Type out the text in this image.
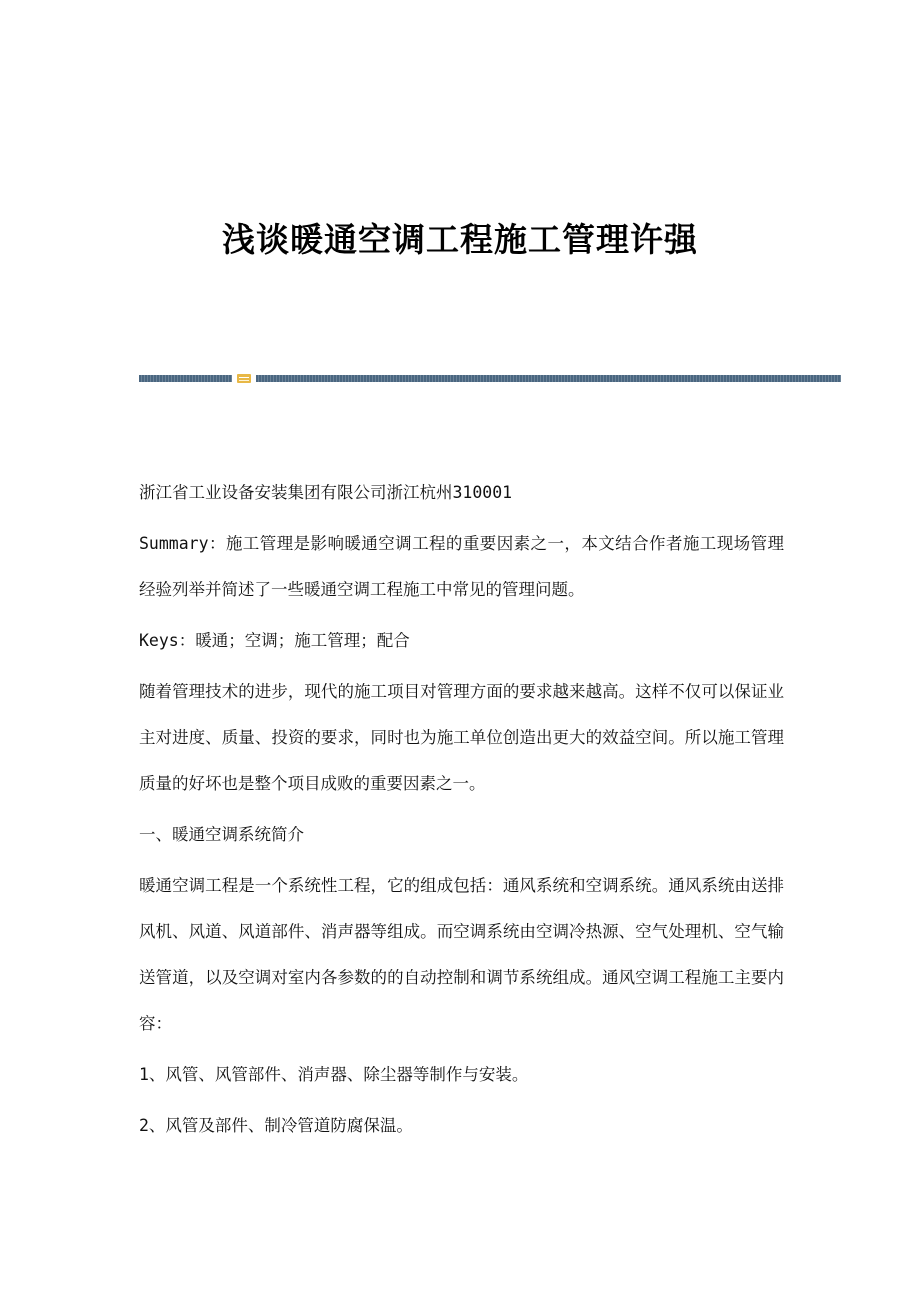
浅谈暖通空调工程施工管理许强

浙江省工业设备安装集团有限公司浙江杭州310001

Summary：施工管理是影响暖通空调工程的重要因素之一，本文结合作者施工现场管理经验列举并简述了一些暖通空调工程施工中常见的管理问题。

Keys：暖通；空调；施工管理；配合

随着管理技术的进步，现代的施工项目对管理方面的要求越来越高。这样不仅可以保证业主对进度、质量、投资的要求，同时也为施工单位创造出更大的效益空间。所以施工管理质量的好坏也是整个项目成败的重要因素之一。

一、暖通空调系统简介

暖通空调工程是一个系统性工程，它的组成包括：通风系统和空调系统。通风系统由送排风机、风道、风道部件、消声器等组成。而空调系统由空调冷热源、空气处理机、空气输送管道，以及空调对室内各参数的的自动控制和调节系统组成。通风空调工程施工主要内容：

1、风管、风管部件、消声器、除尘器等制作与安装。

2、风管及部件、制冷管道防腐保温。
